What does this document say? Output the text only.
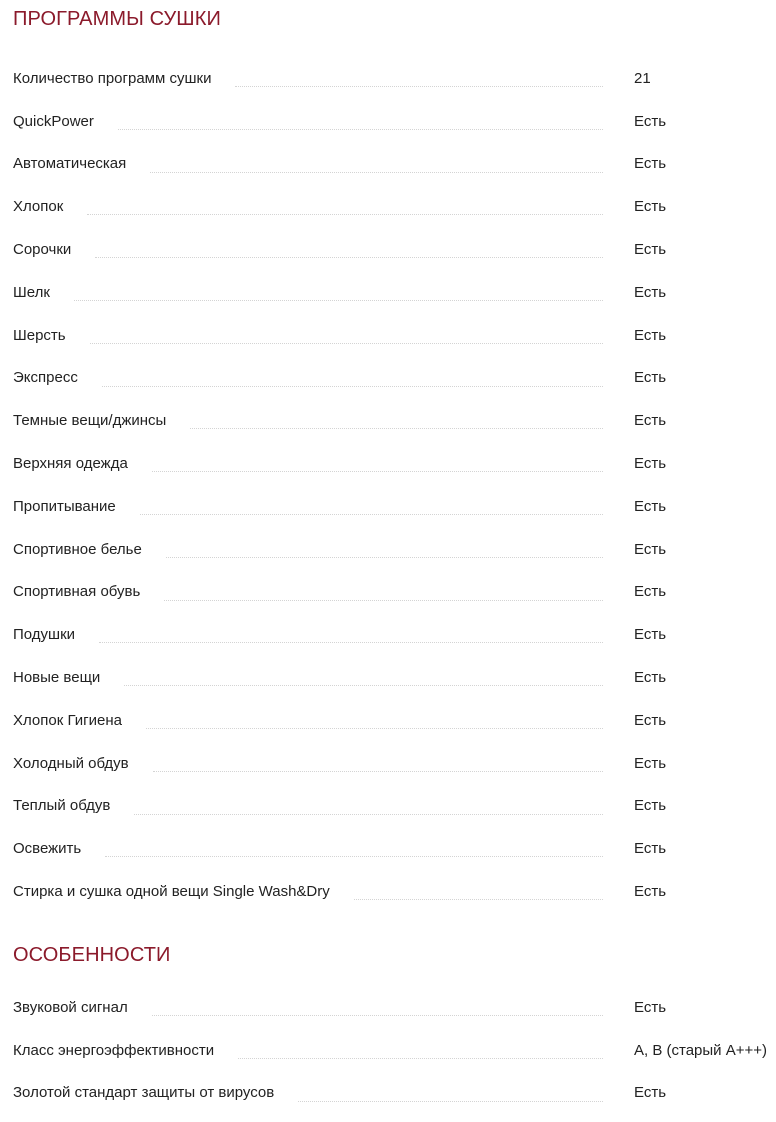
ПРОГРАММЫ СУШКИ
Количество программ сушки	21
QuickPower	Есть
Автоматическая	Есть
Хлопок	Есть
Сорочки	Есть
Шелк	Есть
Шерсть	Есть
Экспресс	Есть
Темные вещи/джинсы	Есть
Верхняя одежда	Есть
Пропитывание	Есть
Спортивное белье	Есть
Спортивная обувь	Есть
Подушки	Есть
Новые вещи	Есть
Хлопок Гигиена	Есть
Холодный обдув	Есть
Теплый обдув	Есть
Освежить	Есть
Стирка и сушка одной вещи Single Wash&Dry	Есть
ОСОБЕННОСТИ
Звуковой сигнал	Есть
Класс энергоэффективности	A, B (старый А+++)
Золотой стандарт защиты от вирусов	Есть
